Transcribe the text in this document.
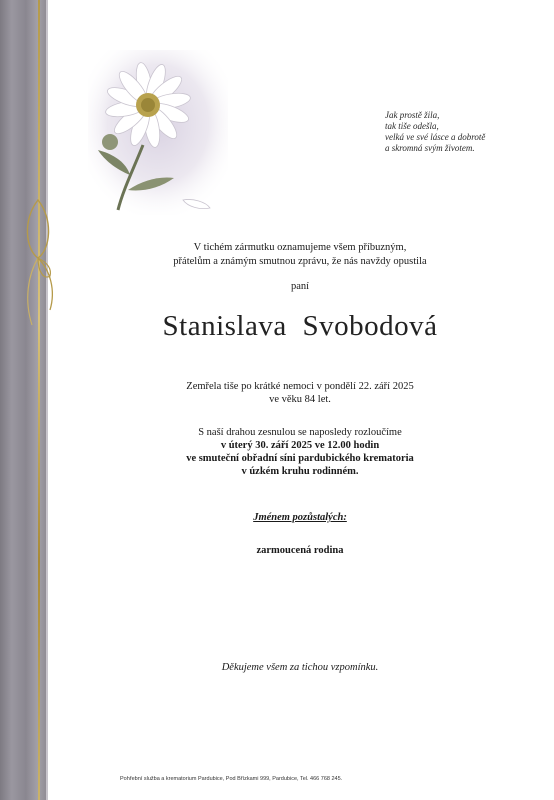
Jak prostě žila,
tak tiše odešla,
velká ve své lásce a dobrotě
a skromná svým životem.
V tichém zármutku oznamujeme všem příbuzným,
přátelům a známým smutnou zprávu, že nás navždy opustila
paní
Stanislava Svobodová
Zemřela tiše po krátké nemoci v pondělí 22. září 2025
ve věku 84 let.
S naší drahou zesnulou se naposledy rozloučíme
v úterý 30. září 2025 ve 12.00 hodin
ve smuteční obřadní síni pardubického krematoria
v úzkém kruhu rodinném.
Jménem pozůstalých:
zarmoucená rodina
Děkujeme všem za tichou vzpomínku.
Pohřební služba a krematorium Pardubice, Pod Břízkami 999, Pardubice, Tel. 466 768 245.
